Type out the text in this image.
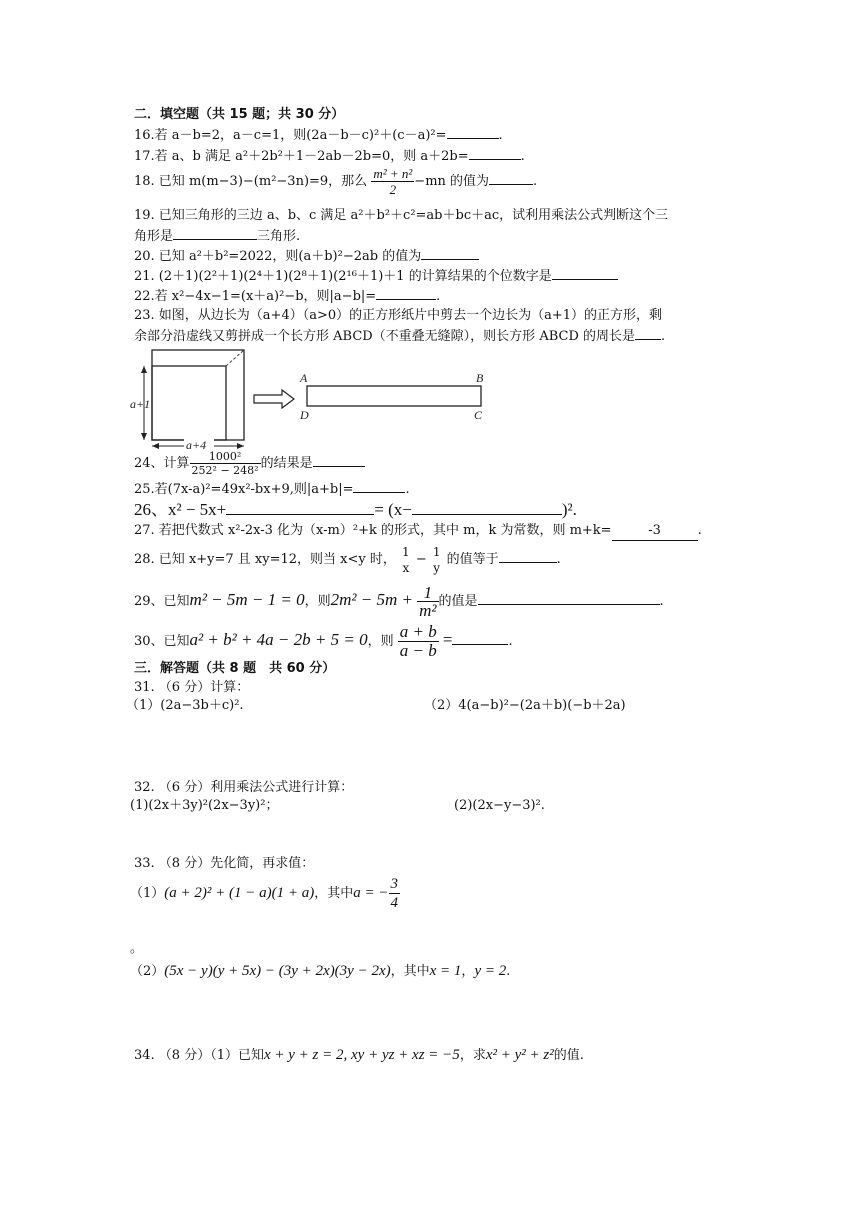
二．填空题（共 15 题；共 30 分）
16.若 a－b=2，a－c=1，则(2a－b－c)²＋(c－a)²=	.
17.若 a、b 满足 a²＋2b²＋1－2ab－2b=0，则 a＋2b=	.
18. 已知 m(m−3)−(m²−3n)=9，那么 $\frac{\text{m² + n²}}{2} -mn$ 的值为	.
19. 已知三角形的三边 a、b、c 满足 a²＋b²＋c²=ab＋bc＋ac，试利用乘法公式判断这个三
角形是	三角形.
20. 已知 a²＋b²=2022，则(a＋b)²−2ab 的值为
21. (2＋1)(2²＋1)(2⁴＋1)(2⁸＋1)(2¹⁶＋1)＋1 的计算结果的个位数字是
22.若 x²−4x−1=(x＋a)²−b，则|a−b|=	.
23. 如图，从边长为（a+4）（a>0）的正方形纸片中剪去一个边长为（a+1）的正方形，剩
余部分沿虚线又剪拼成一个长方形 ABCD（不重叠无缝隙），则长方形 ABCD 的周长是 .
a+1
a+4
A	B
D	C
24、计算 $\frac{\text{1000²}}{\text{252² − 248²}}$ 的结果是
25.若(7x-a)²=49x²-bx+9,则|a+b|=	.
26、x² − 5x+	= (x−	)².
27. 若把代数式 x²-2x-3 化为（x-m）²+k 的形式，其中 m，k 为常数，则 m+k=	-3	.
28. 已知 x+y=7 且 xy=12，则当 x<y 时，
1
x
−
1
y
的值等于	.
29、已知m² − 5m − 1 = 0，则$2m^2 - 5m + \frac{1}{\text{m²}}$ 的值是	.
30、已知a² + b² + 4a − 2b + 5 = 0，则 $\frac{a + b}{a - b}$ =	.
三．解答题（共 8 题　共 60 分）
31. （6 分）计算：
（1）(2a−3b＋c)².	（2）4(a−b)²−(2a＋b)(−b＋2a)
32. （6 分）利用乘法公式进行计算：
(1)(2x＋3y)²(2x−3y)²；	(2)(2x−y−3)².
33. （8 分）先化简，再求值：
（1）(a + 2)² + (1 − a)(1 + a)，其中a = − $\frac{3}{4}$
。
（2）(5x − y)(y + 5x) − (3y + 2x)(3y − 2x)，其中x = 1，y = 2.
34. （8 分）（1）已知x + y + z = 2, xy + yz + xz = −5，求x² + y² + z²的值.
